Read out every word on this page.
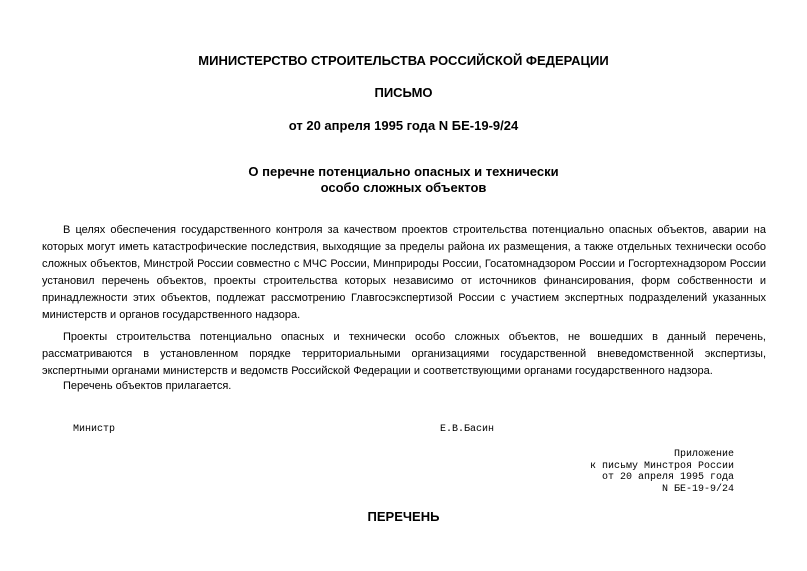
МИНИСТЕРСТВО СТРОИТЕЛЬСТВА РОССИЙСКОЙ ФЕДЕРАЦИИ
ПИСЬМО
от 20 апреля 1995 года N БЕ-19-9/24
О перечне потенциально опасных и технически
особо сложных объектов

В целях обеспечения государственного контроля за качеством проектов строительства потенциально опасных объектов, аварии на которых могут иметь катастрофические последствия, выходящие за пределы района их размещения, а также отдельных технически особо сложных объектов, Минстрой России совместно с МЧС России, Минприроды России, Госатомнадзором России и Госгортехнадзором России установил перечень объектов, проекты строительства которых независимо от источников финансирования, форм собственности и принадлежности этих объектов, подлежат рассмотрению Главгосэкспертизой России с участием экспертных подразделений указанных министерств и органов государственного надзора.

Проекты строительства потенциально опасных и технически особо сложных объектов, не вошедших в данный перечень, рассматриваются в установленном порядке территориальными организациями государственной вневедомственной экспертизы, экспертными органами министерств и ведомств Российской Федерации и соответствующими органами государственного надзора.

Перечень объектов прилагается.

Министр	Е.В.Басин
Приложение
к письму Минстроя России
от 20 апреля 1995 года
N БЕ-19-9/24
ПЕРЕЧЕНЬ
